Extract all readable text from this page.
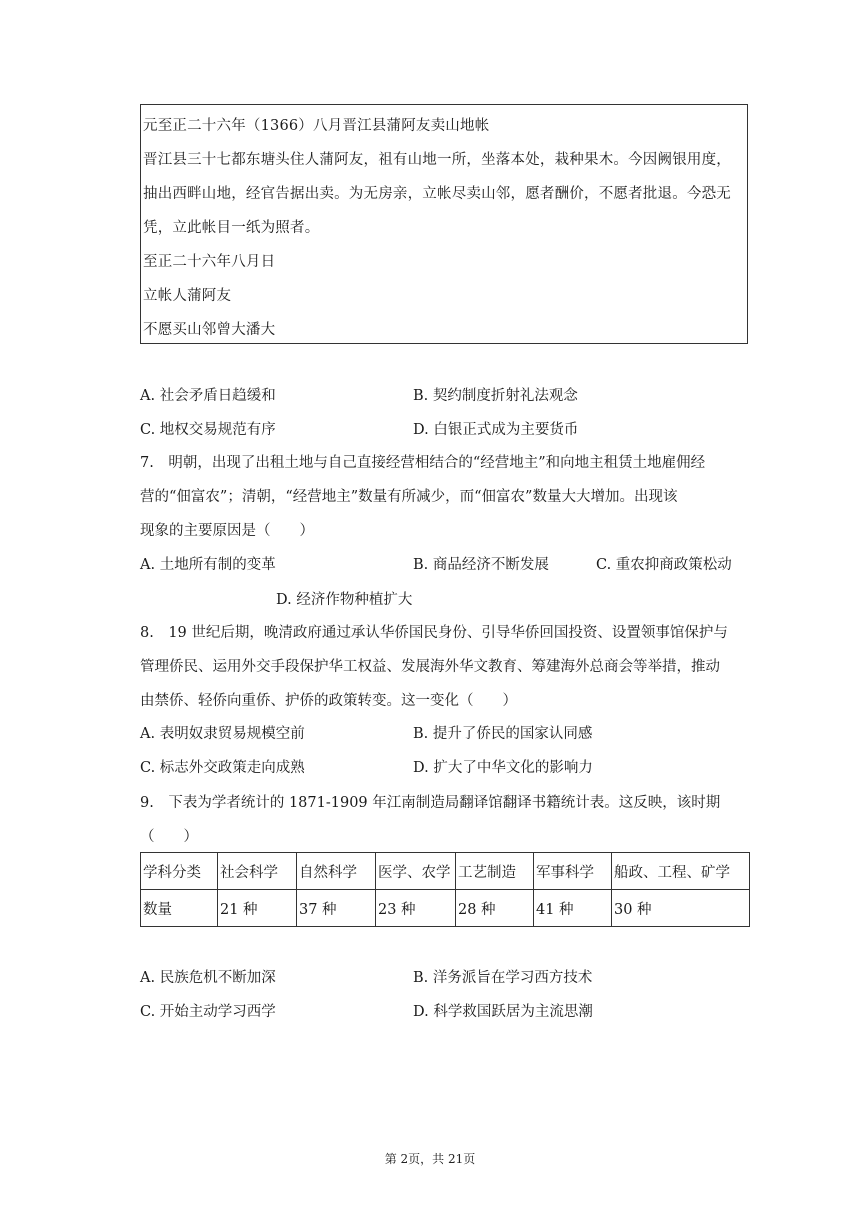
元至正二十六年（1366）八月晋江县蒲阿友卖山地帐
晋江县三十七都东塘头住人蒲阿友，祖有山地一所，坐落本处，栽种果木。今因阙银用度，
抽出西畔山地，经官告据出卖。为无房亲，立帐尽卖山邻，愿者酬价，不愿者批退。今恐无
凭，立此帐目一纸为照者。
至正二十六年八月日
立帐人蒲阿友
不愿买山邻曾大潘大
A. 社会矛盾日趋缓和	B. 契约制度折射礼法观念
C. 地权交易规范有序	D. 白银正式成为主要货币
7.　明朝，出现了出租土地与自己直接经营相结合的“经营地主”和向地主租赁土地雇佣经
营的“佃富农”；清朝，“经营地主”数量有所减少，而“佃富农”数量大大增加。出现该
现象的主要原因是（　　）
A. 土地所有制的变革	B. 商品经济不断发展	C. 重农抑商政策松动
D. 经济作物种植扩大
8.　19 世纪后期，晚清政府通过承认华侨国民身份、引导华侨回国投资、设置领事馆保护与
管理侨民、运用外交手段保护华工权益、发展海外华文教育、筹建海外总商会等举措，推动
由禁侨、轻侨向重侨、护侨的政策转变。这一变化（　　）
A. 表明奴隶贸易规模空前	B. 提升了侨民的国家认同感
C. 标志外交政策走向成熟	D. 扩大了中华文化的影响力
9.　下表为学者统计的 1871-1909 年江南制造局翻译馆翻译书籍统计表。这反映，该时期
（　　）
学科分类	社会科学	自然科学	医学、农学	工艺制造	军事科学	船政、工程、矿学
数量	21 种	37 种	23 种	28 种	41 种	30 种
A. 民族危机不断加深	B. 洋务派旨在学习西方技术
C. 开始主动学习西学	D. 科学救国跃居为主流思潮
第 2页，共 21页
